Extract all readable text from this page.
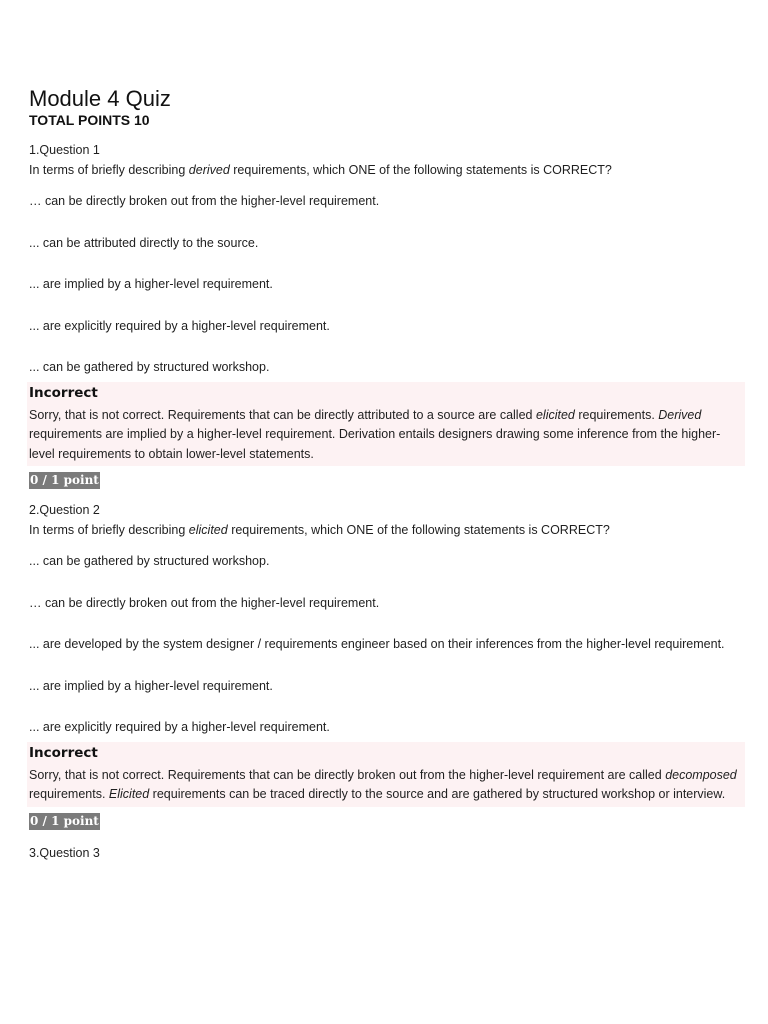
Module 4 Quiz
TOTAL POINTS 10

1.Question 1

In terms of briefly describing derived requirements, which ONE of the following statements is CORRECT?

… can be directly broken out from the higher-level requirement.

... can be attributed directly to the source.

... are implied by a higher-level requirement.

... are explicitly required by a higher-level requirement.

... can be gathered by structured workshop.

Incorrect

Sorry, that is not correct. Requirements that can be directly attributed to a source are called elicited requirements. Derived requirements are implied by a higher-level requirement. Derivation entails designers drawing some inference from the higher-level requirements to obtain lower-level statements.

0 / 1 point

2.Question 2

In terms of briefly describing elicited requirements, which ONE of the following statements is CORRECT?

... can be gathered by structured workshop.

… can be directly broken out from the higher-level requirement.

... are developed by the system designer / requirements engineer based on their inferences from the higher-level requirement.

... are implied by a higher-level requirement.

... are explicitly required by a higher-level requirement.

Incorrect

Sorry, that is not correct. Requirements that can be directly broken out from the higher-level requirement are called decomposed requirements. Elicited requirements can be traced directly to the source and are gathered by structured workshop or interview.

0 / 1 point

3.Question 3
